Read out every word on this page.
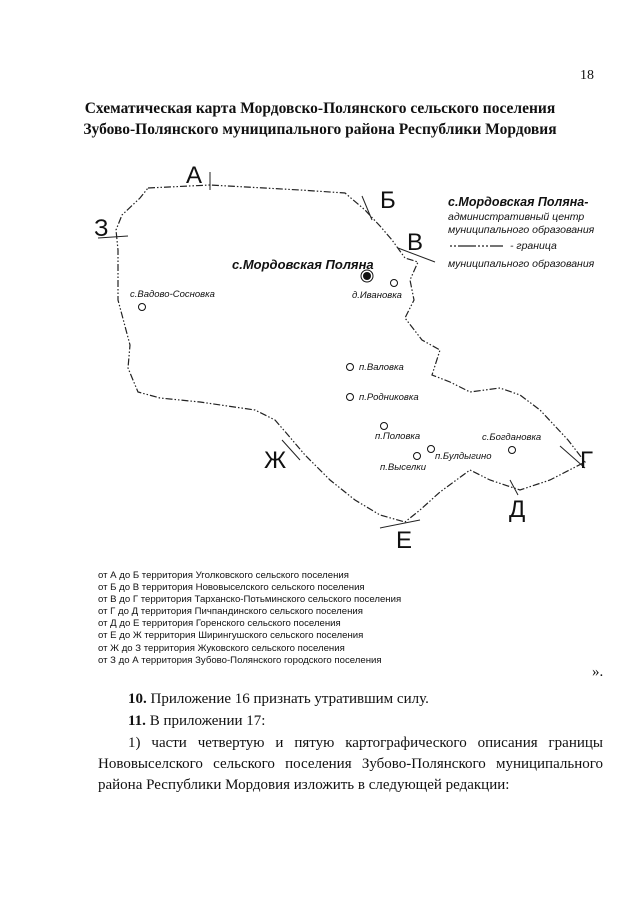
18
Схематическая карта Мордовско-Полянского сельского поселения
Зубово-Полянского муниципального района Республики Мордовия
А
Б
В
Г
Д
Е
Ж
З
с.Мордовская Поляна
с.Вадово-Сосновка	д.Ивановка
п.Валовка
п.Родниковка
п.Половка	с.Богдановка
п.Булдыгино
п.Выселки
с.Мордовская Поляна-
административный центр
муниципального образования
- граница
муниципального образования
от А до Б территория Уголковского сельского поселения
от Б до В территория Нововыселского сельского поселения
от В до Г территория Тарханско-Потьминского сельского поселения
от Г до Д территория Пичпандинского сельского поселения
от Д до Е территория Горенского сельского поселения
от Е до Ж территория Ширингушского сельского поселения
от Ж до З территория Жуковского сельского поселения
от З до А территория Зубово-Полянского городского поселения
».
10. Приложение 16 признать утратившим силу.
11. В приложении 17:
1) части четвертую и пятую картографического описания границы Нововыселского сельского поселения Зубово-Полянского муниципального района Республики Мордовия изложить в следующей редакции:
